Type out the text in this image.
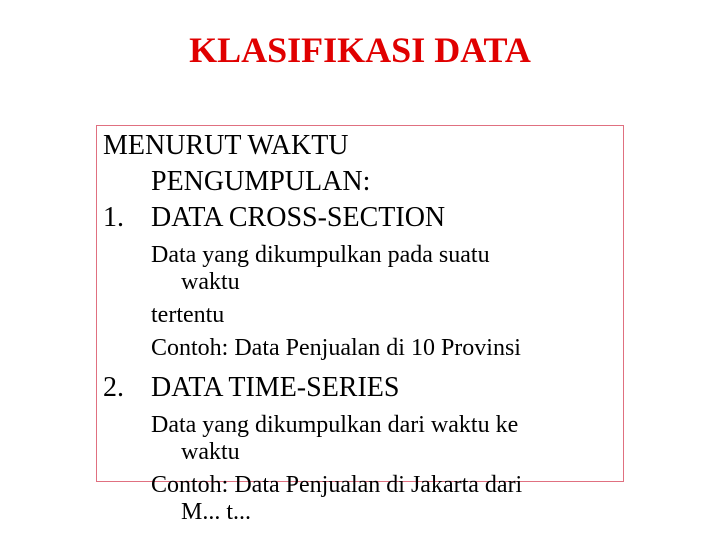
KLASIFIKASI DATA
MENURUT WAKTU
PENGUMPULAN:
1. DATA CROSS-SECTION
Data yang dikumpulkan pada suatu
waktu
tertentu
Contoh: Data Penjualan di 10 Provinsi
2. DATA TIME-SERIES
Data yang dikumpulkan dari waktu ke
waktu
Contoh: Data Penjualan di Jakarta dari
M... t...
